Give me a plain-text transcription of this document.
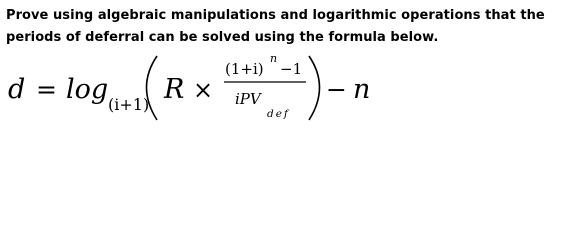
Prove using algebraic manipulations and logarithmic operations that the periods of deferral can be solved using the formula below.

d = log (i+1) R ×
(1+i)
n
−1
iPV
def
− n
